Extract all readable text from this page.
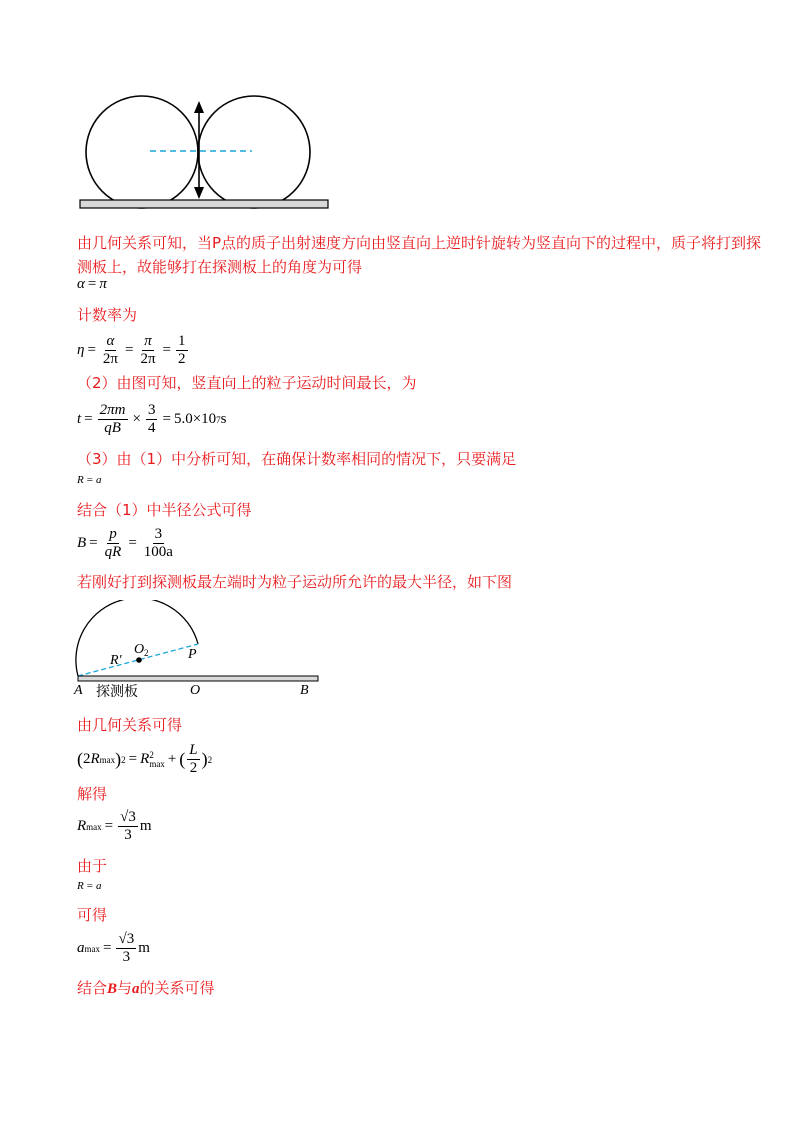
由几何关系可知，当P点的质子出射速度方向由竖直向上逆时针旋转为竖直向下的过程中，质子将打到探
测板上，故能够打在探测板上的角度为可得
α = π
计数率为
$\eta = \frac{\alpha}{2\pi} = \frac{\pi}{2\pi} = \frac{1}{2}$
（2）由图可知，竖直向上的粒子运动时间最长，为
$t = \frac{2\pi m}{qB} \times \frac{3}{4} = 5.0\times 10$ 7 s
（3）由（1）中分析可知，在确保计数率相同的情况下，只要满足
R = a
结合（1）中半径公式可得
$B = \frac{p}{qR} = \frac{3}{100a}$
若刚好打到探测板最左端时为粒子运动所允许的最大半径，如下图
R′
O 2	P
A 探测板	O	B
由几何关系可得
( 2 R max ) 2 = R 2
max + ( $\frac{L}{2}$ ) 2
解得
R $\max = \frac{√3}{3}$ m
由于
R = a
可得
a $\max = \frac{√3}{3}$ m
结合B与a的关系可得
